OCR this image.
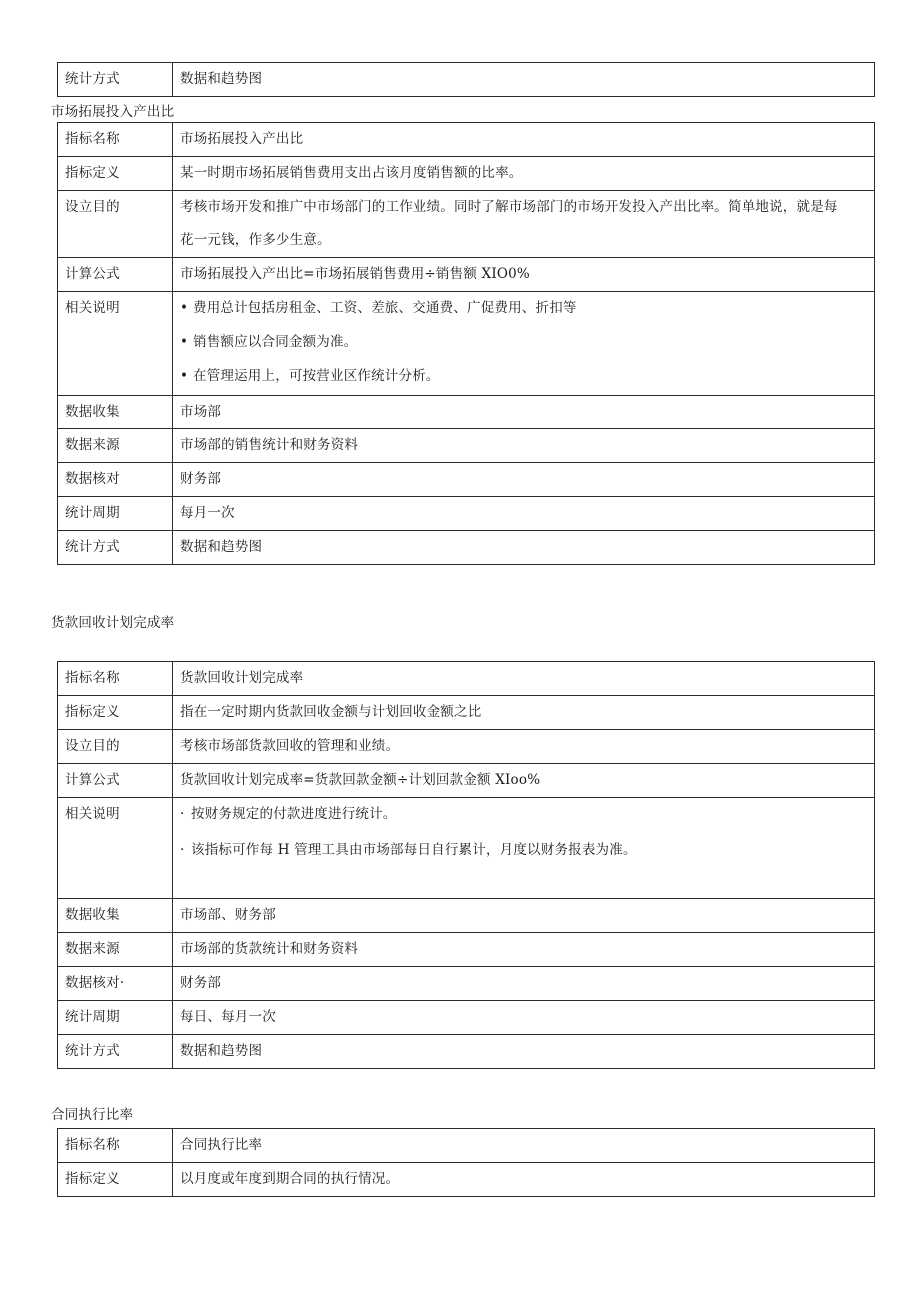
统计方式	数据和趋势图
市场拓展投入产出比
指标名称	市场拓展投入产出比
指标定义	某一时期市场拓展销售费用支出占该月度销售额的比率。
设立目的	考核市场开发和推广中市场部门的工作业绩。同时了解市场部门的市场开发投入产出比率。简单地说，就是每
花一元钱，作多少生意。

计算公式	市场拓展投入产出比=市场拓展销售费用÷销售额 XIO0%
相关说明	• 费用总计包括房租金、工资、差旅、交通费、广促费用、折扣等
• 销售额应以合同金额为准。
• 在管理运用上，可按营业区作统计分析。

数据收集	市场部
数据来源	市场部的销售统计和财务资料
数据核对	财务部
统计周期	每月一次
统计方式	数据和趋势图
货款回收计划完成率
指标名称	货款回收计划完成率
指标定义	指在一定时期内货款回收金额与计划回收金额之比
设立目的	考核市场部货款回收的管理和业绩。
计算公式	货款回收计划完成率=货款回款金额÷计划回款金额 XIoo%
相关说明	· 按财务规定的付款进度进行统计。
· 该指标可作每 H 管理工具由市场部每日自行累计，月度以财务报表为准。

数据收集	市场部、财务部
数据来源	市场部的货款统计和财务资料
数据核对·	财务部
统计周期	每日、每月一次
统计方式	数据和趋势图
合同执行比率
指标名称	合同执行比率
指标定义	以月度或年度到期合同的执行情况。
